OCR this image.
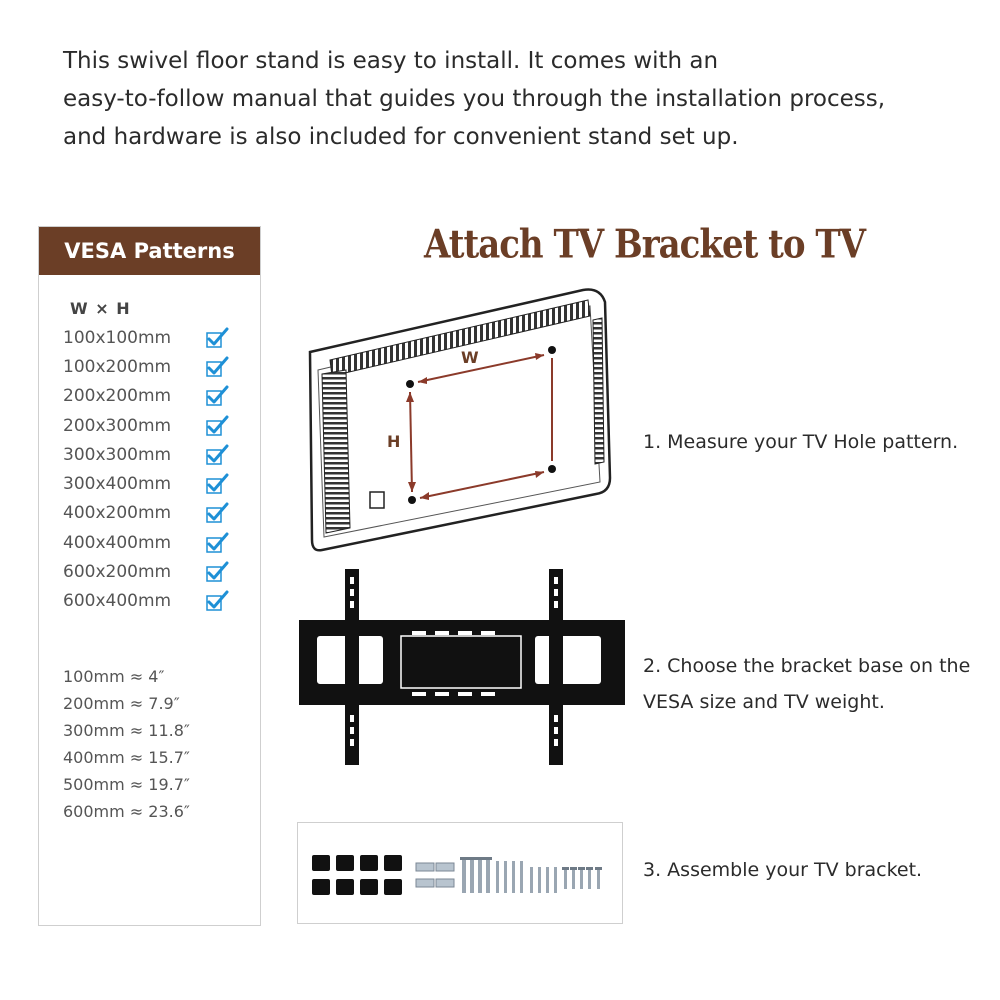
This swivel floor stand is easy to install. It comes with an
easy-to-follow manual that guides you through the installation process,
and hardware is also included for convenient stand set up.
VESA Patterns
W × H
100x100mm
100x200mm
200x200mm
200x300mm
300x300mm
300x400mm
400x200mm
400x400mm
600x200mm
600x400mm
100mm ≈ 4″
200mm ≈ 7.9″
300mm ≈ 11.8″
400mm ≈ 15.7″
500mm ≈ 19.7″
600mm ≈ 23.6″
Attach TV Bracket to TV
W
H	1. Measure your TV Hole pattern.
2. Choose the bracket base on the
VESA size and TV weight.
3. Assemble your TV bracket.
